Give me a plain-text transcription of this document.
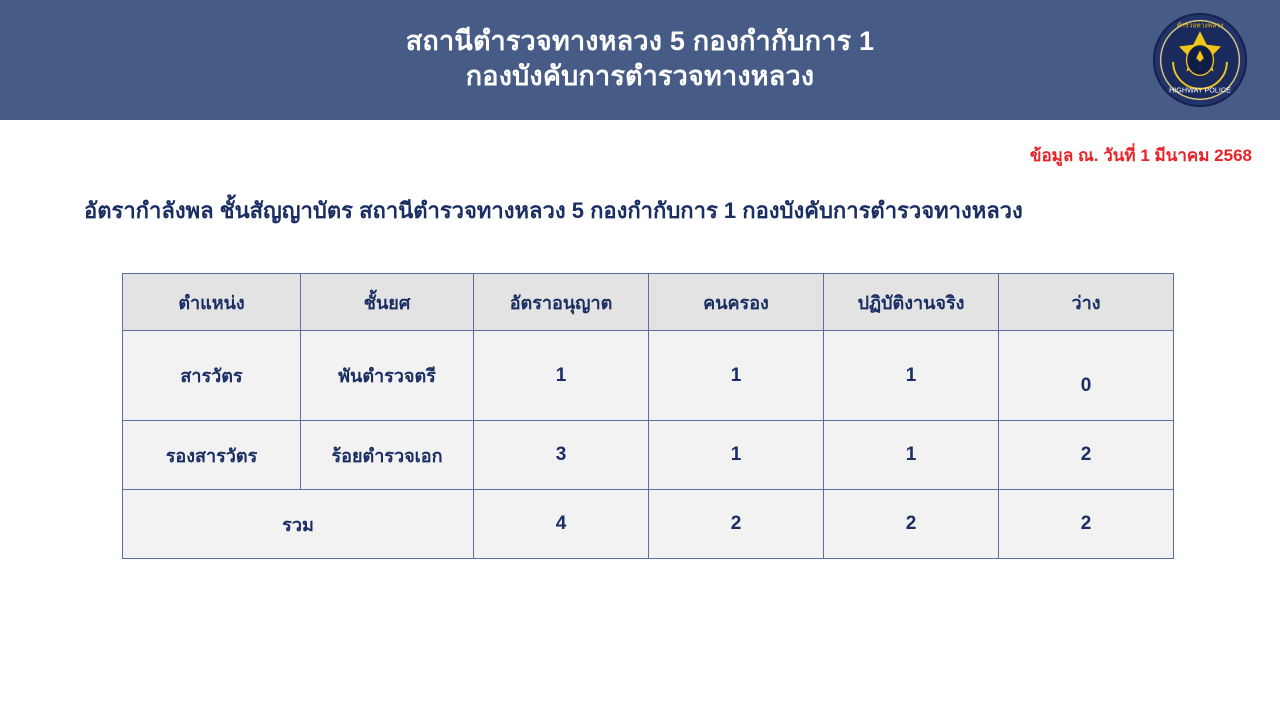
สถานีตำรวจทางหลวง 5 กองกำกับการ 1
กองบังคับการตำรวจทางหลวง
ตำรวจทางหลวง
HIGHWAY POLICE
ข้อมูล ณ. วันที่ 1 มีนาคม 2568
อัตรากำลังพล ชั้นสัญญาบัตร สถานีตำรวจทางหลวง 5 กองกำกับการ 1 กองบังคับการตำรวจทางหลวง
ตำแหน่ง	ชั้นยศ	อัตราอนุญาต	คนครอง	ปฏิบัติงานจริง	ว่าง
สารวัตร	พันตำรวจตรี	1	1	1	0
รองสารวัตร	ร้อยตำรวจเอก	3	1	1	2
รวม		4	2	2	2
